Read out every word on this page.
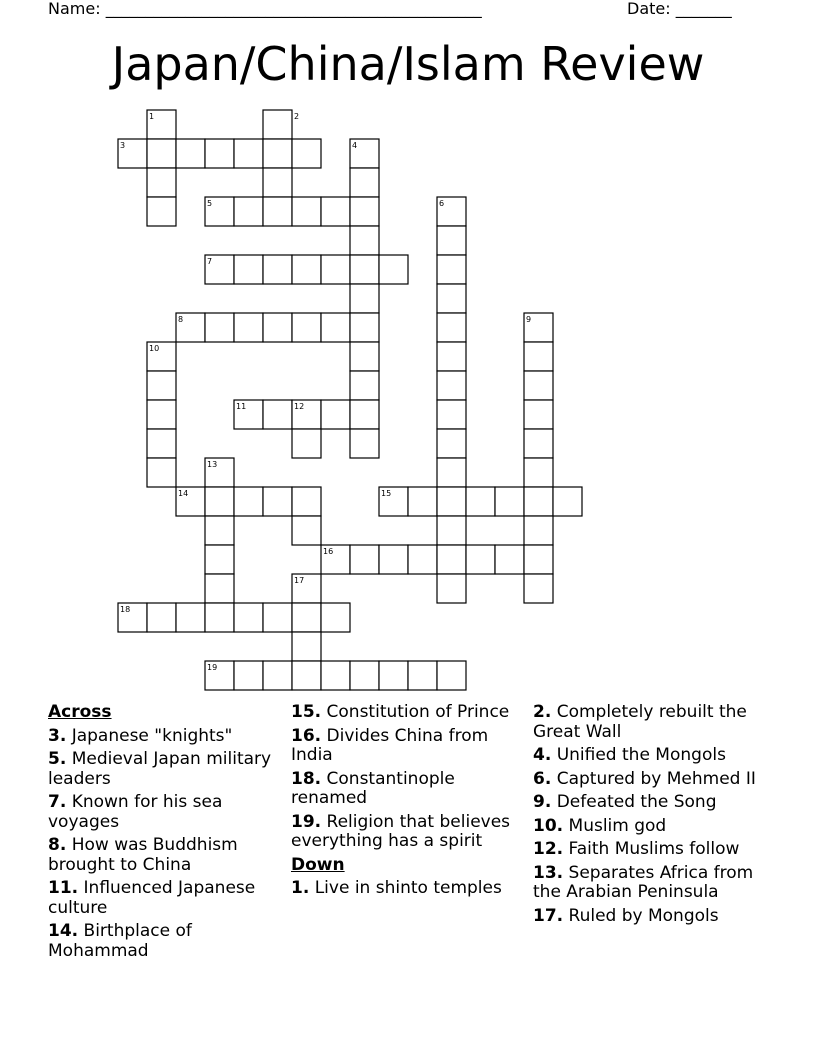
Name: _______________________________________________	Date: _______
Japan/China/Islam Review
1	2
3	4
5	6
7
8	9
10
11	12
13
14	15
16
17
18
19
Across
3. Japanese "knights"
5. Medieval Japan military leaders
7. Known for his sea voyages
8. How was Buddhism brought to China
11. Influenced Japanese culture
14. Birthplace of Mohammad
15. Constitution of Prince
16. Divides China from India
18. Constantinople renamed
19. Religion that believes everything has a spirit
Down
1. Live in shinto temples
2. Completely rebuilt the Great Wall
4. Unified the Mongols
6. Captured by Mehmed II
9. Defeated the Song
10. Muslim god
12. Faith Muslims follow
13. Separates Africa from the Arabian Peninsula
17. Ruled by Mongols
